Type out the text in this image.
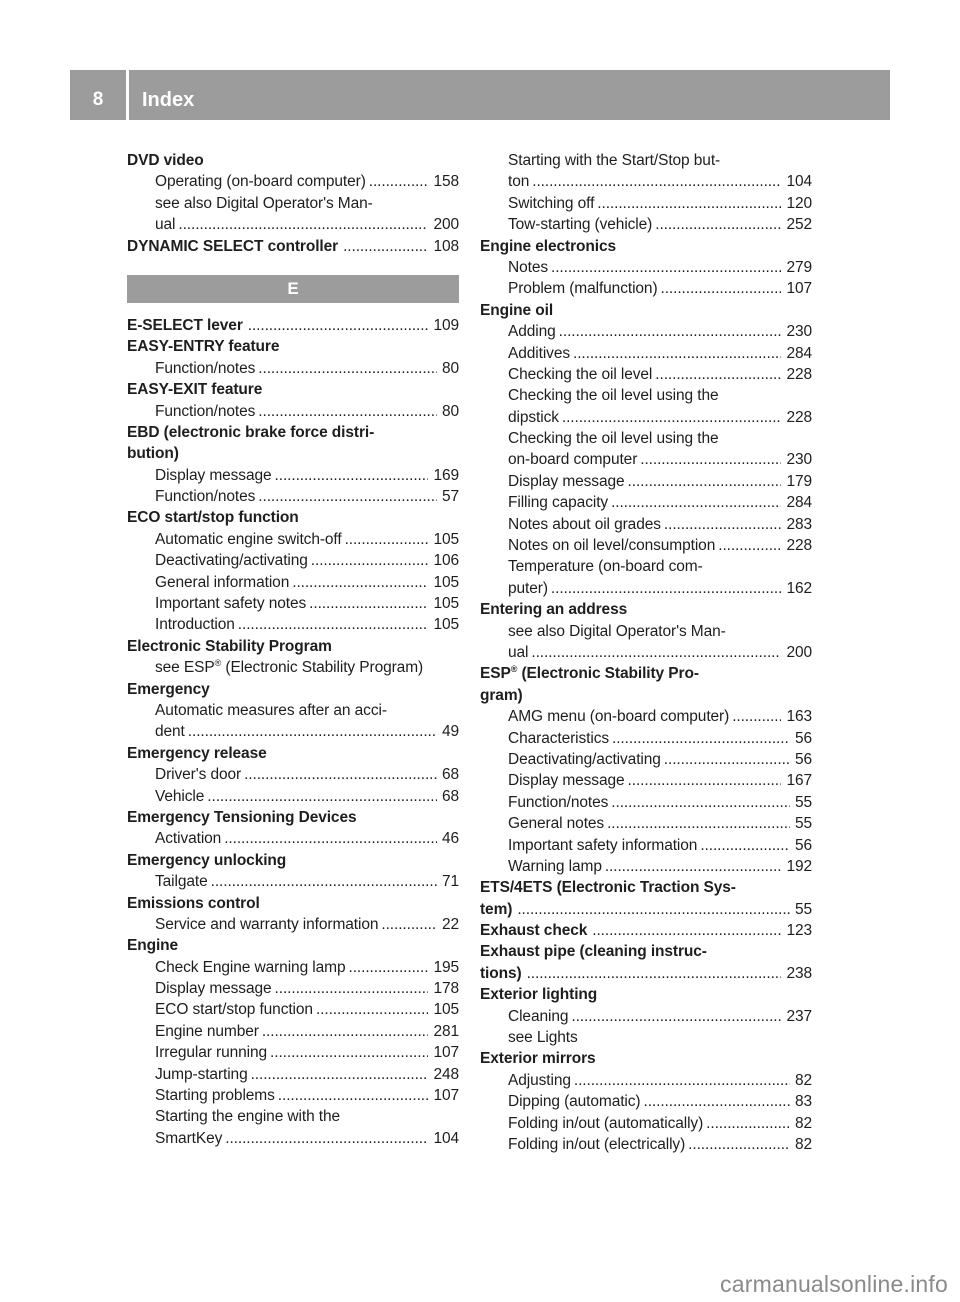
8	Index
DVD video
Operating (on-board computer) .....	158
see also Digital Operator's Man-
ual .....	200
DYNAMIC SELECT controller .....	108
E
E-SELECT lever .....	109
EASY-ENTRY feature
Function/notes .....	80
EASY-EXIT feature
Function/notes .....	80
EBD (electronic brake force distri-
bution)
Display message .....	169
Function/notes .....	57
ECO start/stop function
Automatic engine switch-off .....	105
Deactivating/activating .....	106
General information .....	105
Important safety notes .....	105
Introduction .....	105
Electronic Stability Program
see ESP® (Electronic Stability Program)
Emergency
Automatic measures after an acci-
dent .....	49
Emergency release
Driver's door .....	68
Vehicle .....	68
Emergency Tensioning Devices
Activation .....	46
Emergency unlocking
Tailgate .....	71
Emissions control
Service and warranty information .....	22
Engine
Check Engine warning lamp .....	195
Display message .....	178
ECO start/stop function .....	105
Engine number .....	281
Irregular running .....	107
Jump-starting .....	248
Starting problems .....	107
Starting the engine with the
SmartKey .....	104
Starting with the Start/Stop but-
ton .....	104
Switching off .....	120
Tow-starting (vehicle) .....	252
Engine electronics
Notes .....	279
Problem (malfunction) .....	107
Engine oil
Adding .....	230
Additives .....	284
Checking the oil level .....	228
Checking the oil level using the
dipstick .....	228
Checking the oil level using the
on-board computer .....	230
Display message .....	179
Filling capacity .....	284
Notes about oil grades .....	283
Notes on oil level/consumption .....	228
Temperature (on-board com-
puter) .....	162
Entering an address
see also Digital Operator's Man-
ual .....	200
ESP® (Electronic Stability Pro-
gram)
AMG menu (on-board computer) .....	163
Characteristics .....	56
Deactivating/activating .....	56
Display message .....	167
Function/notes .....	55
General notes .....	55
Important safety information .....	56
Warning lamp .....	192
ETS/4ETS (Electronic Traction Sys-
tem) .....	55
Exhaust check .....	123
Exhaust pipe (cleaning instruc-
tions) .....	238
Exterior lighting
Cleaning .....	237
see Lights
Exterior mirrors
Adjusting .....	82
Dipping (automatic) .....	83
Folding in/out (automatically) .....	82
Folding in/out (electrically) .....	82
carmanualsonline.info
